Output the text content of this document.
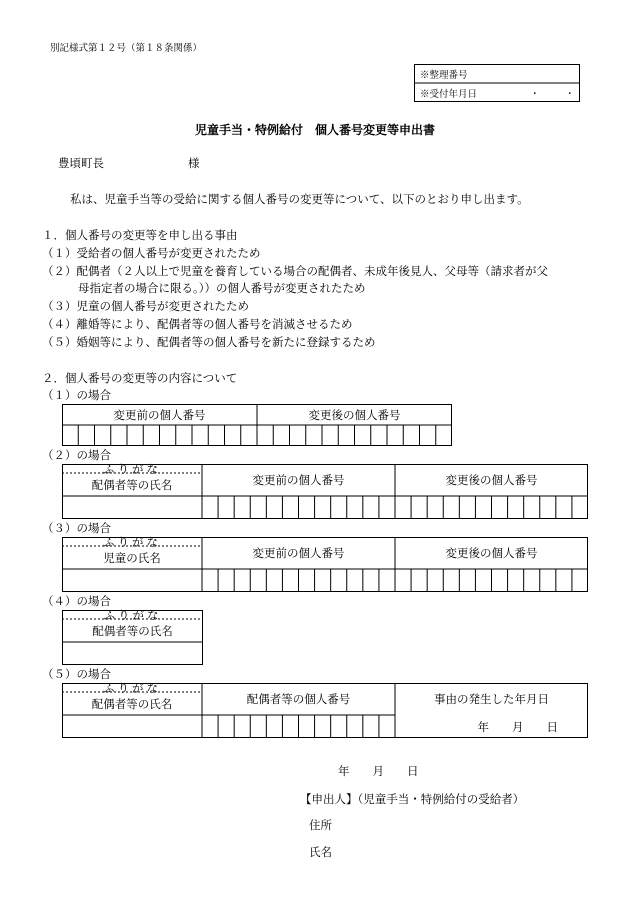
別記様式第１２号（第１８条関係）
※整理番号
※受付年月日	・　・
児童手当・特例給付　個人番号変更等申出書
豊頃町長	様
私は、児童手当等の受給に関する個人番号の変更等について、以下のとおり申し出ます。
１．個人番号の変更等を申し出る事由
（１）受給者の個人番号が変更されたため
（２）配偶者（２人以上で児童を養育している場合の配偶者、未成年後見人、父母等（請求者が父
母指定者の場合に限る。））の個人番号が変更されたため
（３）児童の個人番号が変更されたため
（４）離婚等により、配偶者等の個人番号を消滅させるため
（５）婚姻等により、配偶者等の個人番号を新たに登録するため
２．個人番号の変更等の内容について
（１）の場合
変更前の個人番号	変更後の個人番号
（２）の場合
ふりがな
配偶者等の氏名	変更前の個人番号	変更後の個人番号
（３）の場合
ふりがな
児童の氏名	変更前の個人番号	変更後の個人番号
（４）の場合
ふりがな
配偶者等の氏名
（５）の場合
ふりがな
配偶者等の氏名	配偶者等の個人番号	事由の発生した年月日
年　　月　　日
年　　月　　日
【申出人】（児童手当・特例給付の受給者）
住所
氏名
